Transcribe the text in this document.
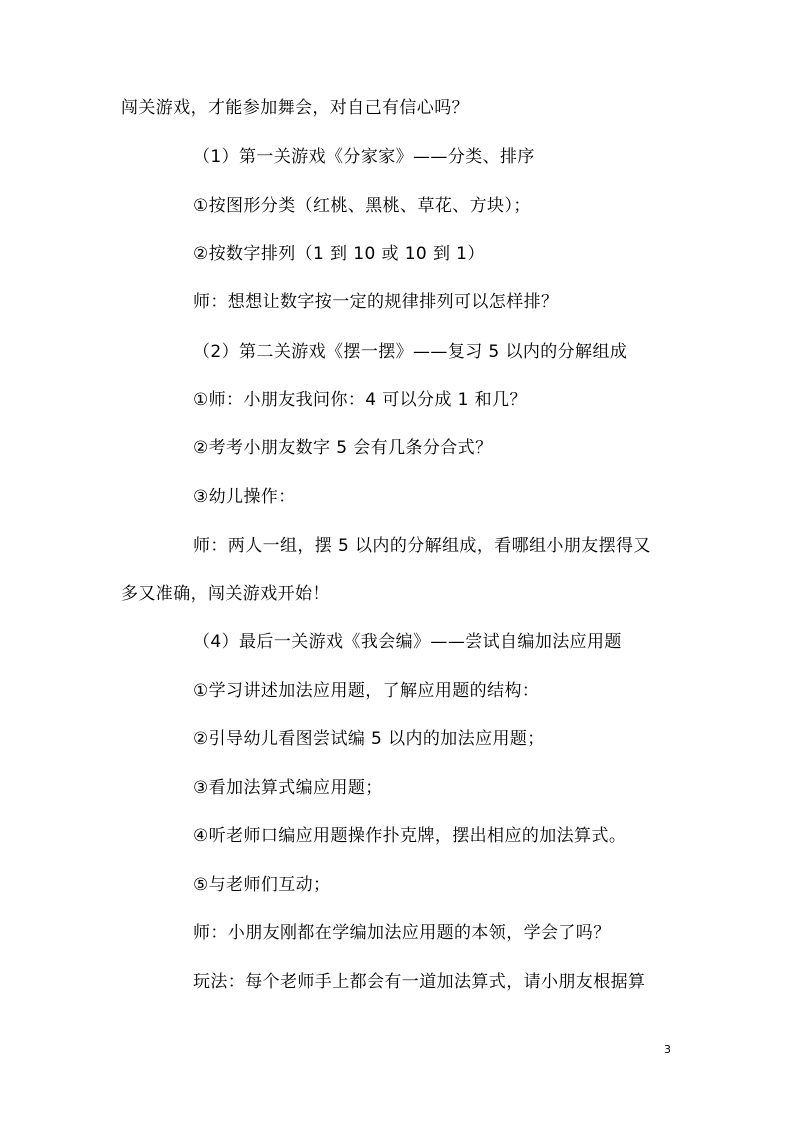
闯关游戏，才能参加舞会，对自己有信心吗？
（1）第一关游戏《分家家》——分类、排序
①按图形分类（红桃、黑桃、草花、方块）；
②按数字排列（1 到 10 或 10 到 1）
师：想想让数字按一定的规律排列可以怎样排？
（2）第二关游戏《摆一摆》——复习 5 以内的分解组成
①师：小朋友我问你：4 可以分成 1 和几？
②考考小朋友数字 5 会有几条分合式？
③幼儿操作：
师：两人一组，摆 5 以内的分解组成，看哪组小朋友摆得又
多又准确，闯关游戏开始！
（4）最后一关游戏《我会编》——尝试自编加法应用题
①学习讲述加法应用题，了解应用题的结构：
②引导幼儿看图尝试编 5 以内的加法应用题；
③看加法算式编应用题；
④听老师口编应用题操作扑克牌，摆出相应的加法算式。
⑤与老师们互动；
师：小朋友刚都在学编加法应用题的本领，学会了吗？
玩法：每个老师手上都会有一道加法算式，请小朋友根据算
3
